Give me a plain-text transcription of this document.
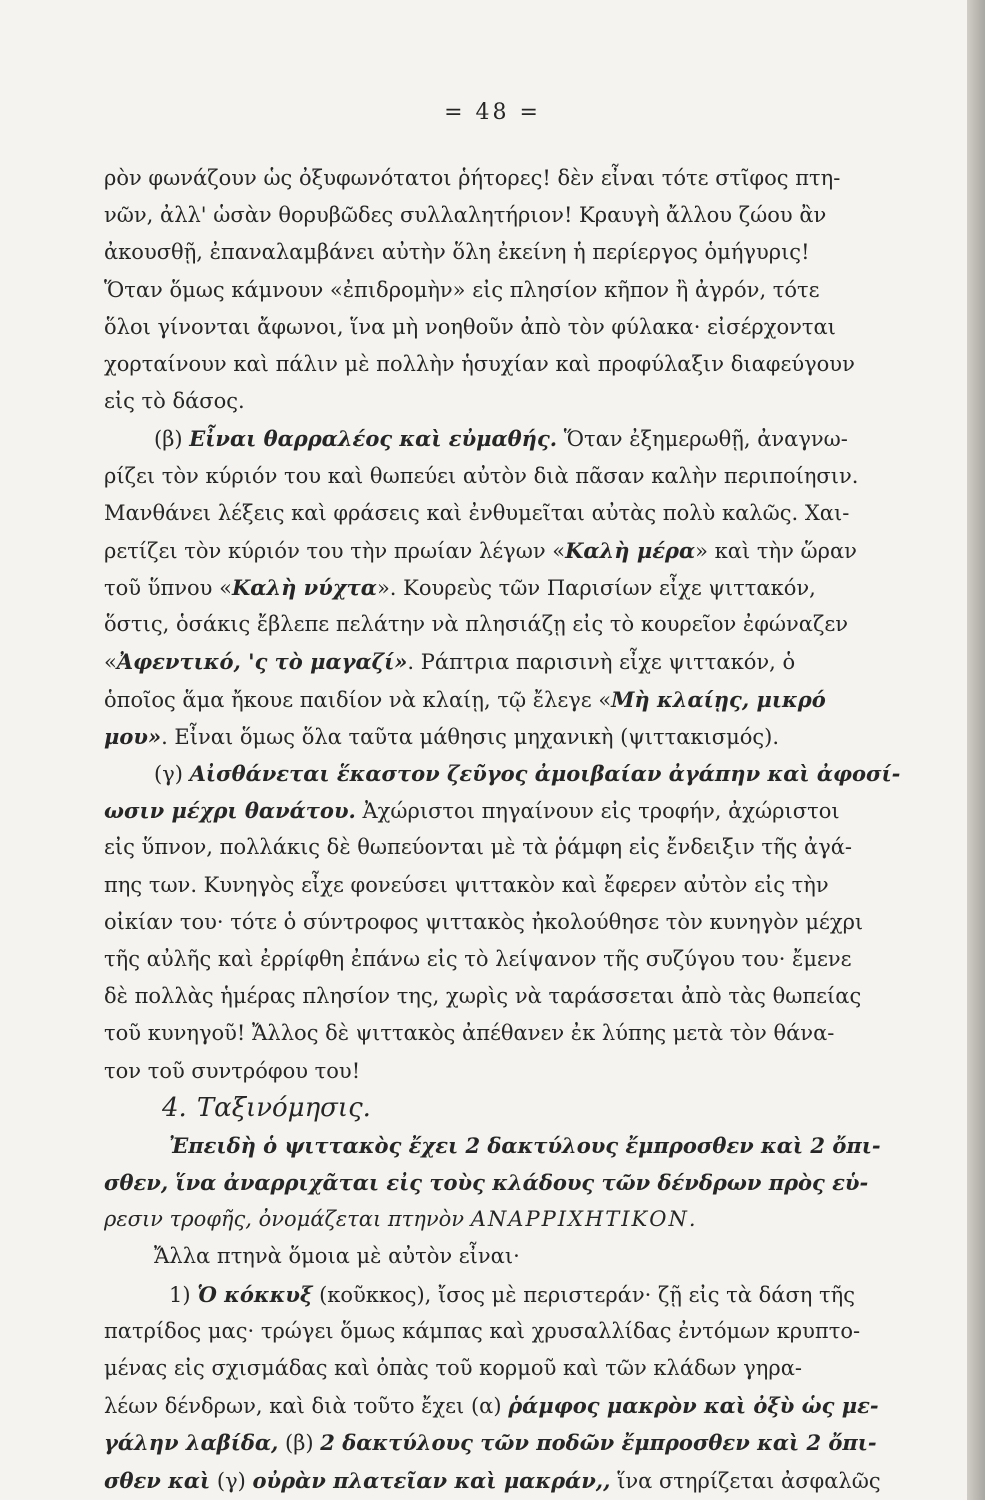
= 48 =
ρὸν φωνάζουν ὡς ὀξυφωνότατοι ῥήτορες! δὲν εἶναι τότε στῖφος πτη-
νῶν, ἀλλ' ὡσὰν θορυβῶδες συλλαλητήριον! Κραυγὴ ἄλλου ζώου ἂν
ἀκουσθῇ, ἐπαναλαμβάνει αὐτὴν ὅλη ἐκείνη ἡ περίεργος ὁμήγυρις!
Ὅταν ὅμως κάμνουν «ἐπιδρομὴν» εἰς πλησίον κῆπον ἢ ἀγρόν, τότε
ὅλοι γίνονται ἄφωνοι, ἵνα μὴ νοηθοῦν ἀπὸ τὸν φύλακα· εἰσέρχονται
χορταίνουν καὶ πάλιν μὲ πολλὴν ἡσυχίαν καὶ προφύλαξιν διαφεύγουν
εἰς τὸ δάσος.
(β) Εἶναι θαρραλέος καὶ εὐμαθής. Ὅταν ἐξημερωθῇ, ἀναγνω-
ρίζει τὸν κύριόν του καὶ θωπεύει αὐτὸν διὰ πᾶσαν καλὴν περιποίησιν.
Μανθάνει λέξεις καὶ φράσεις καὶ ἐνθυμεῖται αὐτὰς πολὺ καλῶς. Χαι-
ρετίζει τὸν κύριόν του τὴν πρωίαν λέγων «Καλὴ μέρα» καὶ τὴν ὥραν
τοῦ ὕπνου «Καλὴ νύχτα». Κουρεὺς τῶν Παρισίων εἶχε ψιττακόν,
ὅστις, ὁσάκις ἔβλεπε πελάτην νὰ πλησιάζῃ εἰς τὸ κουρεῖον ἐφώναζεν
«Ἀφεντικό, 'ς τὸ μαγαζί». Ράπτρια παρισινὴ εἶχε ψιττακόν, ὁ
ὁποῖος ἅμα ἤκουε παιδίον νὰ κλαίῃ, τῷ ἔλεγε «Μὴ κλαίῃς, μικρό
μου». Εἶναι ὅμως ὅλα ταῦτα μάθησις μηχανικὴ (ψιττακισμός).
(γ) Αἰσθάνεται ἕκαστον ζεῦγος ἀμοιβαίαν ἀγάπην καὶ ἀφοσί-
ωσιν μέχρι θανάτου. Ἀχώριστοι πηγαίνουν εἰς τροφήν, ἀχώριστοι
εἰς ὕπνον, πολλάκις δὲ θωπεύονται μὲ τὰ ῥάμφη εἰς ἔνδειξιν τῆς ἀγά-
πης των. Κυνηγὸς εἶχε φονεύσει ψιττακὸν καὶ ἔφερεν αὐτὸν εἰς τὴν
οἰκίαν του· τότε ὁ σύντροφος ψιττακὸς ἠκολούθησε τὸν κυνηγὸν μέχρι
τῆς αὐλῆς καὶ ἐρρίφθη ἐπάνω εἰς τὸ λείψανον τῆς συζύγου του· ἔμενε
δὲ πολλὰς ἡμέρας πλησίον της, χωρὶς νὰ ταράσσεται ἀπὸ τὰς θωπείας
τοῦ κυνηγοῦ! Ἄλλος δὲ ψιττακὸς ἀπέθανεν ἐκ λύπης μετὰ τὸν θάνα-
τον τοῦ συντρόφου του!
4. Ταξινόμησις.
Ἐπειδὴ ὁ ψιττακὸς ἔχει 2 δακτύλους ἔμπροσθεν καὶ 2 ὄπι-
σθεν, ἵνα ἀναρριχᾶται εἰς τοὺς κλάδους τῶν δένδρων πρὸς εὑ-
ρεσιν τροφῆς, ὀνομάζεται πτηνὸν ΑΝΑΡΡΙΧΗΤΙΚΟΝ.
Ἄλλα πτηνὰ ὅμοια μὲ αὐτὸν εἶναι·
1) Ὁ κόκκυξ (κοῦκκος), ἴσος μὲ περιστεράν· ζῇ εἰς τὰ δάση τῆς
πατρίδος μας· τρώγει ὅμως κάμπας καὶ χρυσαλλίδας ἐντόμων κρυπτο-
μένας εἰς σχισμάδας καὶ ὀπὰς τοῦ κορμοῦ καὶ τῶν κλάδων γηρα-
λέων δένδρων, καὶ διὰ τοῦτο ἔχει (α) ῥάμφος μακρὸν καὶ ὀξὺ ὡς με-
γάλην λαβίδα, (β) 2 δακτύλους τῶν ποδῶν ἔμπροσθεν καὶ 2 ὄπι-
σθεν καὶ (γ) οὐρὰν πλατεῖαν καὶ μακράν,, ἵνα στηρίζεται ἀσφαλῶς
